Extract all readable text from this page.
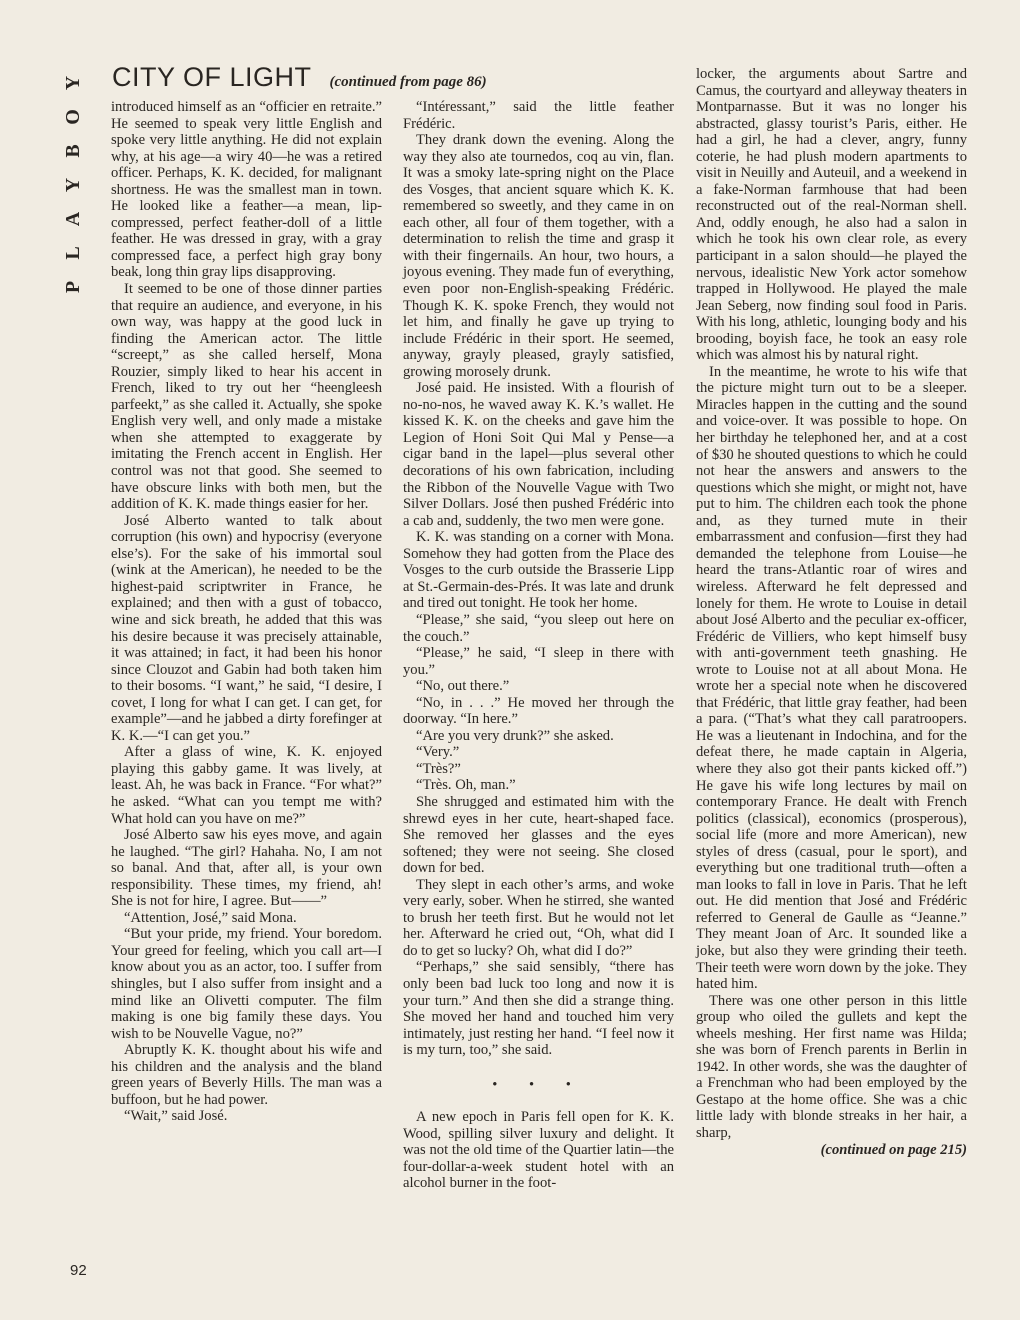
Y
O
B
Y
A
L
P
CITY OF LIGHT (continued from page 86)

introduced himself as an “officier en retraite.” He seemed to speak very little English and spoke very little anything. He did not explain why, at his age—a wiry 40—he was a retired officer. Perhaps, K. K. decided, for malignant shortness. He was the smallest man in town. He looked like a feather—a mean, lip-compressed, perfect feather-doll of a little feather. He was dressed in gray, with a gray compressed face, a perfect high gray bony beak, long thin gray lips disapproving.

It seemed to be one of those dinner parties that require an audience, and everyone, in his own way, was happy at the good luck in finding the American actor. The little “screept,” as she called herself, Mona Rouzier, simply liked to hear his accent in French, liked to try out her “heengleesh parfeekt,” as she called it. Actually, she spoke English very well, and only made a mistake when she attempted to exaggerate by imitating the French accent in English. Her control was not that good. She seemed to have obscure links with both men, but the addition of K. K. made things easier for her.

José Alberto wanted to talk about corruption (his own) and hypocrisy (everyone else’s). For the sake of his immortal soul (wink at the American), he needed to be the highest-paid scriptwriter in France, he explained; and then with a gust of tobacco, wine and sick breath, he added that this was his desire because it was precisely attainable, it was attained; in fact, it had been his honor since Clouzot and Gabin had both taken him to their bosoms. “I want,” he said, “I desire, I covet, I long for what I can get. I can get, for example”—and he jabbed a dirty forefinger at K. K.—“I can get you.”

After a glass of wine, K. K. enjoyed playing this gabby game. It was lively, at least. Ah, he was back in France. “For what?” he asked. “What can you tempt me with? What hold can you have on me?”

José Alberto saw his eyes move, and again he laughed. “The girl? Hahaha. No, I am not so banal. And that, after all, is your own responsibility. These times, my friend, ah! She is not for hire, I agree. But——”

“Attention, José,” said Mona.

“But your pride, my friend. Your boredom. Your greed for feeling, which you call art—I know about you as an actor, too. I suffer from shingles, but I also suffer from insight and a mind like an Olivetti computer. The film making is one big family these days. You wish to be Nouvelle Vague, no?”

Abruptly K. K. thought about his wife and his children and the analysis and the bland green years of Beverly Hills. The man was a buffoon, but he had power.

“Wait,” said José.

“Intéressant,” said the little feather Frédéric.

They drank down the evening. Along the way they also ate tournedos, coq au vin, flan. It was a smoky late-spring night on the Place des Vosges, that ancient square which K. K. remembered so sweetly, and they came in on each other, all four of them together, with a determination to relish the time and grasp it with their fingernails. An hour, two hours, a joyous evening. They made fun of everything, even poor non-English-speaking Frédéric. Though K. K. spoke French, they would not let him, and finally he gave up trying to include Frédéric in their sport. He seemed, anyway, grayly pleased, grayly satisfied, growing morosely drunk.

José paid. He insisted. With a flourish of no-no-nos, he waved away K. K.’s wallet. He kissed K. K. on the cheeks and gave him the Legion of Honi Soit Qui Mal y Pense—a cigar band in the lapel—plus several other decorations of his own fabrication, including the Ribbon of the Nouvelle Vague with Two Silver Dollars. José then pushed Frédéric into a cab and, suddenly, the two men were gone.

K. K. was standing on a corner with Mona. Somehow they had gotten from the Place des Vosges to the curb outside the Brasserie Lipp at St.-Germain-des-Prés. It was late and drunk and tired out tonight. He took her home.

“Please,” she said, “you sleep out here on the couch.”

“Please,” he said, “I sleep in there with you.”

“No, out there.”

“No, in . . .” He moved her through the doorway. “In here.”

“Are you very drunk?” she asked.

“Very.”

“Très?”

“Très. Oh, man.”

She shrugged and estimated him with the shrewd eyes in her cute, heart-shaped face. She removed her glasses and the eyes softened; they were not seeing. She closed down for bed.

They slept in each other’s arms, and woke very early, sober. When he stirred, she wanted to brush her teeth first. But he would not let her. Afterward he cried out, “Oh, what did I do to get so lucky? Oh, what did I do?”

“Perhaps,” she said sensibly, “there has only been bad luck too long and now it is your turn.” And then she did a strange thing. She moved her hand and touched him very intimately, just resting her hand. “I feel now it is my turn, too,” she said.

• • •

A new epoch in Paris fell open for K. K. Wood, spilling silver luxury and delight. It was not the old time of the Quartier latin—the four-dollar-a-week student hotel with an alcohol burner in the foot-

locker, the arguments about Sartre and Camus, the courtyard and alleyway theaters in Montparnasse. But it was no longer his abstracted, glassy tourist’s Paris, either. He had a girl, he had a clever, angry, funny coterie, he had plush modern apartments to visit in Neuilly and Auteuil, and a weekend in a fake-Norman farmhouse that had been reconstructed out of the real-Norman shell. And, oddly enough, he also had a salon in which he took his own clear role, as every participant in a salon should—he played the nervous, idealistic New York actor somehow trapped in Hollywood. He played the male Jean Seberg, now finding soul food in Paris. With his long, athletic, lounging body and his brooding, boyish face, he took an easy role which was almost his by natural right.

In the meantime, he wrote to his wife that the picture might turn out to be a sleeper. Miracles happen in the cutting and the sound and voice-over. It was possible to hope. On her birthday he telephoned her, and at a cost of $30 he shouted questions to which he could not hear the answers and answers to the questions which she might, or might not, have put to him. The children each took the phone and, as they turned mute in their embarrassment and confusion—first they had demanded the telephone from Louise—he heard the trans-Atlantic roar of wires and wireless. Afterward he felt depressed and lonely for them. He wrote to Louise in detail about José Alberto and the peculiar ex-officer, Frédéric de Villiers, who kept himself busy with anti-government teeth gnashing. He wrote to Louise not at all about Mona. He wrote her a special note when he discovered that Frédéric, that little gray feather, had been a para. (“That’s what they call paratroopers. He was a lieutenant in Indochina, and for the defeat there, he made captain in Algeria, where they also got their pants kicked off.”) He gave his wife long lectures by mail on contemporary France. He dealt with French politics (classical), economics (prosperous), social life (more and more American), new styles of dress (casual, pour le sport), and everything but one traditional truth—often a man looks to fall in love in Paris. That he left out. He did mention that José and Frédéric referred to General de Gaulle as “Jeanne.” They meant Joan of Arc. It sounded like a joke, but also they were grinding their teeth. Their teeth were worn down by the joke. They hated him.

There was one other person in this little group who oiled the gullets and kept the wheels meshing. Her first name was Hilda; she was born of French parents in Berlin in 1942. In other words, she was the daughter of a Frenchman who had been employed by the Gestapo at the home office. She was a chic little lady with blonde streaks in her hair, a sharp,

(continued on page 215)

92
